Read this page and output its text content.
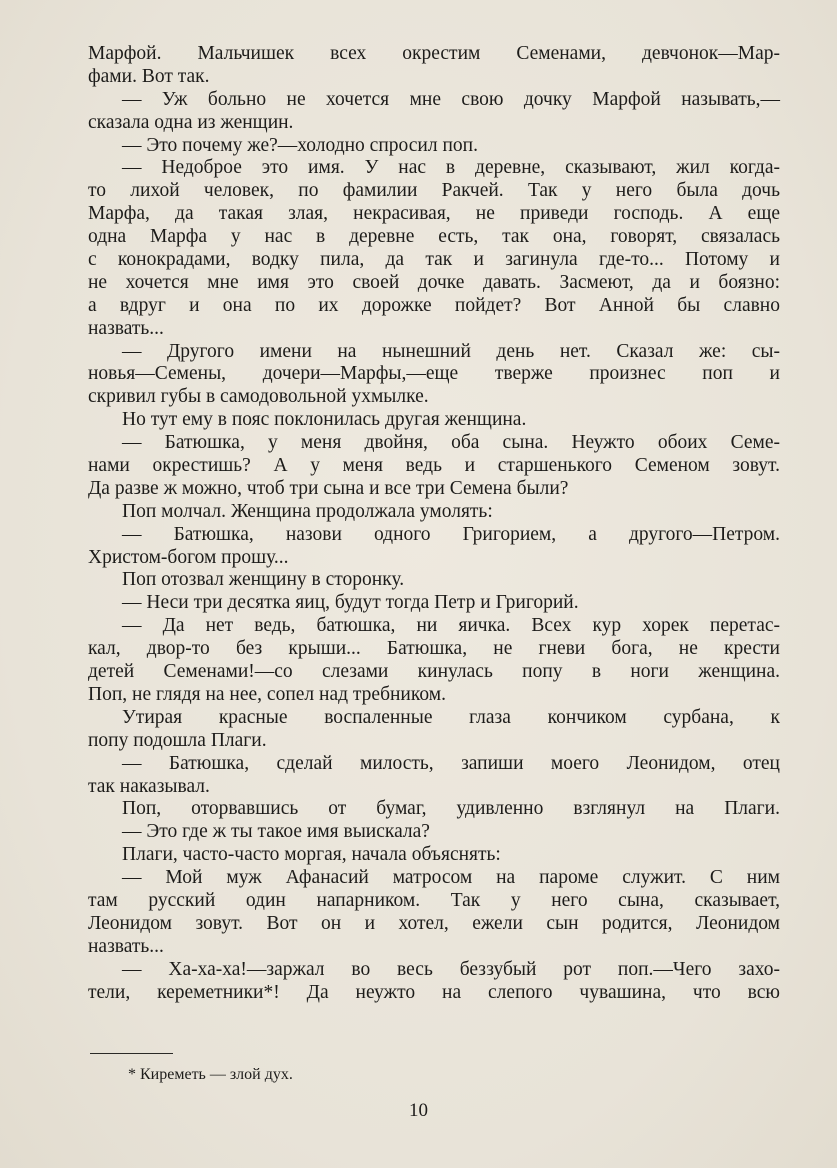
Марфой. Мальчишек всех окрестим Семенами, девчонок—Мар-
фами. Вот так.
— Уж больно не хочется мне свою дочку Марфой называть,—
сказала одна из женщин.
— Это почему же?—холодно спросил поп.
— Недоброе это имя. У нас в деревне, сказывают, жил когда-
то лихой человек, по фамилии Ракчей. Так у него была дочь
Марфа, да такая злая, некрасивая, не приведи господь. А еще
одна Марфа у нас в деревне есть, так она, говорят, связалась
с конокрадами, водку пила, да так и загинула где-то... Потому и
не хочется мне имя это своей дочке давать. Засмеют, да и боязно:
а вдруг и она по их дорожке пойдет? Вот Анной бы славно
назвать...
— Другого имени на нынешний день нет. Сказал же: сы-
новья—Семены, дочери—Марфы,—еще тверже произнес поп и
скривил губы в самодовольной ухмылке.
Но тут ему в пояс поклонилась другая женщина.
— Батюшка, у меня двойня, оба сына. Неужто обоих Семе-
нами окрестишь? А у меня ведь и старшенького Семеном зовут.
Да разве ж можно, чтоб три сына и все три Семена были?
Поп молчал. Женщина продолжала умолять:
— Батюшка, назови одного Григорием, а другого—Петром.
Христом-богом прошу...
Поп отозвал женщину в сторонку.
— Неси три десятка яиц, будут тогда Петр и Григорий.
— Да нет ведь, батюшка, ни яичка. Всех кур хорек перетас-
кал, двор-то без крыши... Батюшка, не гневи бога, не крести
детей Семенами!—со слезами кинулась попу в ноги женщина.
Поп, не глядя на нее, сопел над требником.
Утирая красные воспаленные глаза кончиком сурбана, к
попу подошла Плаги.
— Батюшка, сделай милость, запиши моего Леонидом, отец
так наказывал.
Поп, оторвавшись от бумаг, удивленно взглянул на Плаги.
— Это где ж ты такое имя выискала?
Плаги, часто-часто моргая, начала объяснять:
— Мой муж Афанасий матросом на пароме служит. С ним
там русский один напарником. Так у него сына, сказывает,
Леонидом зовут. Вот он и хотел, ежели сын родится, Леонидом
назвать...
— Ха-ха-ха!—заржал во весь беззубый рот поп.—Чего захо-
тели, кереметники*! Да неужто на слепого чувашина, что всю
* Киреметь — злой дух.
10
